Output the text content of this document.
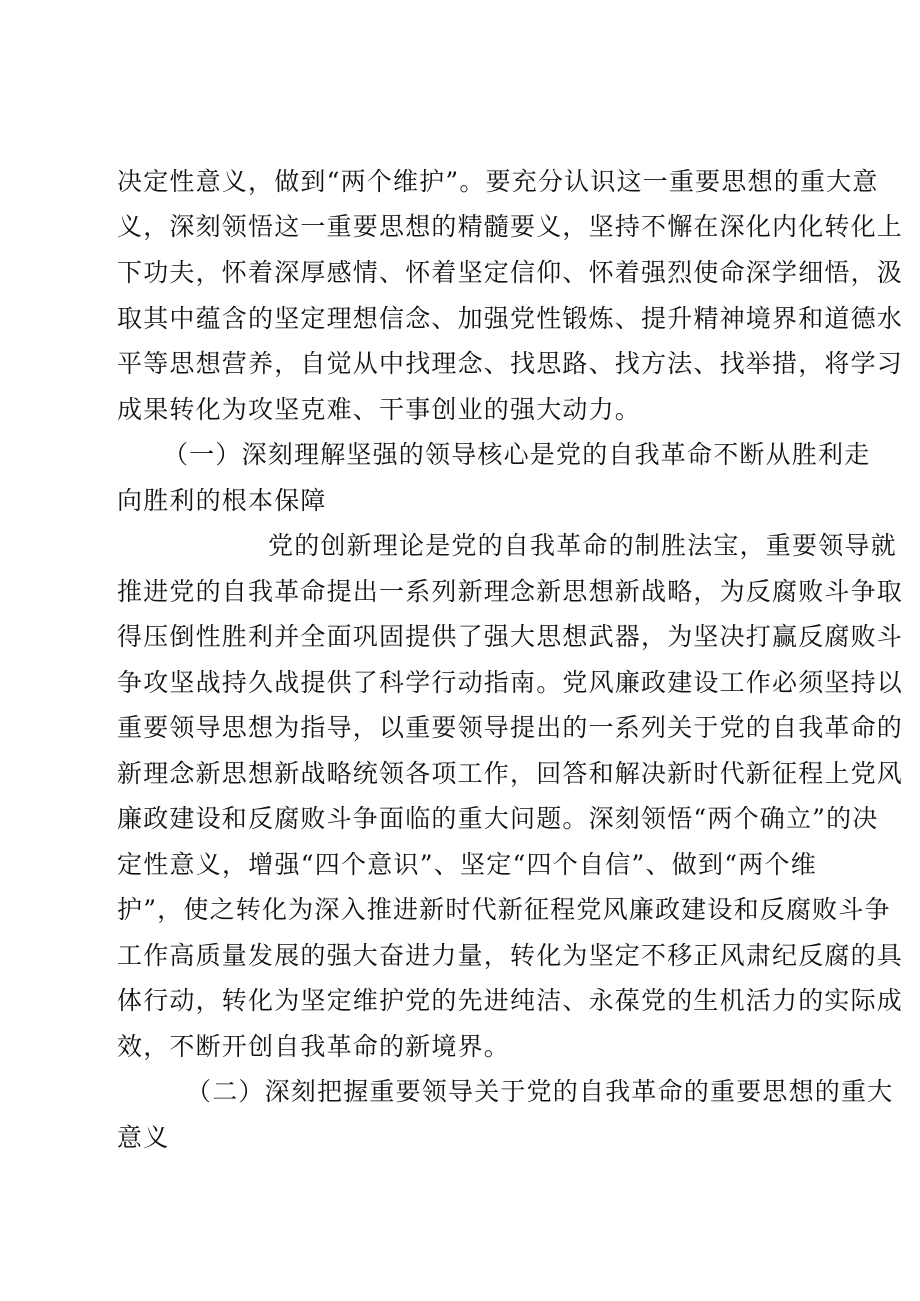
决定性意义，做到“两个维护”。要充分认识这一重要思想的重大意
义，深刻领悟这一重要思想的精髓要义，坚持不懈在深化内化转化上
下功夫，怀着深厚感情、怀着坚定信仰、怀着强烈使命深学细悟，汲
取其中蕴含的坚定理想信念、加强党性锻炼、提升精神境界和道德水
平等思想营养，自觉从中找理念、找思路、找方法、找举措，将学习
成果转化为攻坚克难、干事创业的强大动力。
（一）深刻理解坚强的领导核心是党的自我革命不断从胜利走
向胜利的根本保障
党的创新理论是党的自我革命的制胜法宝，重要领导就
推进党的自我革命提出一系列新理念新思想新战略，为反腐败斗争取
得压倒性胜利并全面巩固提供了强大思想武器，为坚决打赢反腐败斗
争攻坚战持久战提供了科学行动指南。党风廉政建设工作必须坚持以
重要领导思想为指导，以重要领导提出的一系列关于党的自我革命的
新理念新思想新战略统领各项工作，回答和解决新时代新征程上党风
廉政建设和反腐败斗争面临的重大问题。深刻领悟“两个确立”的决
定性意义，增强“四个意识”、坚定“四个自信”、做到“两个维
护”，使之转化为深入推进新时代新征程党风廉政建设和反腐败斗争
工作高质量发展的强大奋进力量，转化为坚定不移正风肃纪反腐的具
体行动，转化为坚定维护党的先进纯洁、永葆党的生机活力的实际成
效，不断开创自我革命的新境界。
（二）深刻把握重要领导关于党的自我革命的重要思想的重大
意义
